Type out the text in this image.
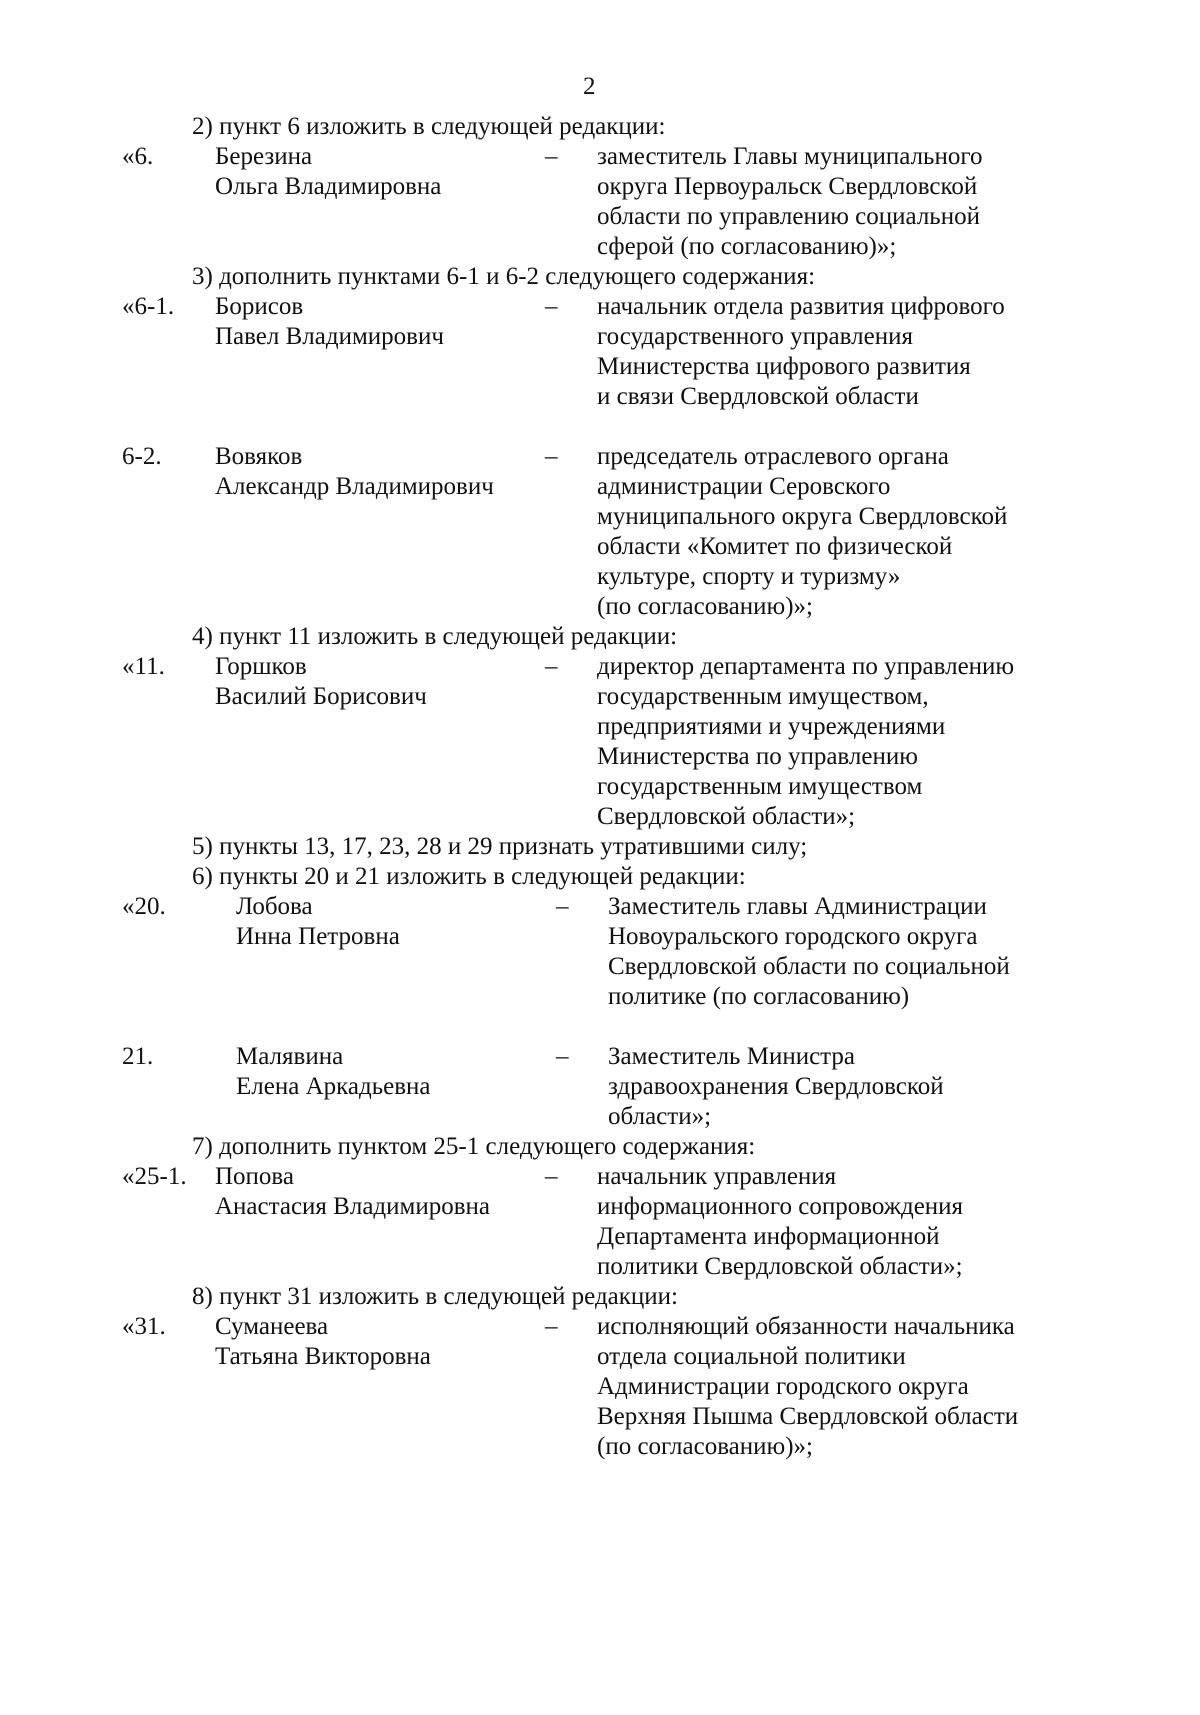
2
2) пункт 6 изложить в следующей редакции:
«6. Березина
Ольга Владимировна
– заместитель Главы муниципального
округа Первоуральск Свердловской
области по управлению социальной
сферой (по согласованию)»;
3) дополнить пунктами 6-1 и 6-2 следующего содержания:
«6-1. Борисов
Павел Владимирович
– начальник отдела развития цифрового
государственного управления
Министерства цифрового развития
и связи Свердловской области
6-2. Вовяков
Александр Владимирович
– председатель отраслевого органа
администрации Серовского
муниципального округа Свердловской
области «Комитет по физической
культуре, спорту и туризму»
(по согласованию)»;
4) пункт 11 изложить в следующей редакции:
«11. Горшков
Василий Борисович
– директор департамента по управлению
государственным имуществом,
предприятиями и учреждениями
Министерства по управлению
государственным имуществом
Свердловской области»;
5) пункты 13, 17, 23, 28 и 29 признать утратившими силу;
6) пункты 20 и 21 изложить в следующей редакции:
«20.	Лобова
Инна Петровна
– Заместитель главы Администрации
Новоуральского городского округа
Свердловской области по социальной
политике (по согласованию)
21.	Малявина
Елена Аркадьевна
– Заместитель Министра
здравоохранения Свердловской
области»;
7) дополнить пунктом 25-1 следующего содержания:
«25-1. Попова
Анастасия Владимировна
– начальник управления
информационного сопровождения
Департамента информационной
политики Свердловской области»;
8) пункт 31 изложить в следующей редакции:
«31. Суманеева
Татьяна Викторовна
– исполняющий обязанности начальника
отдела социальной политики
Администрации городского округа
Верхняя Пышма Свердловской области
(по согласованию)»;
